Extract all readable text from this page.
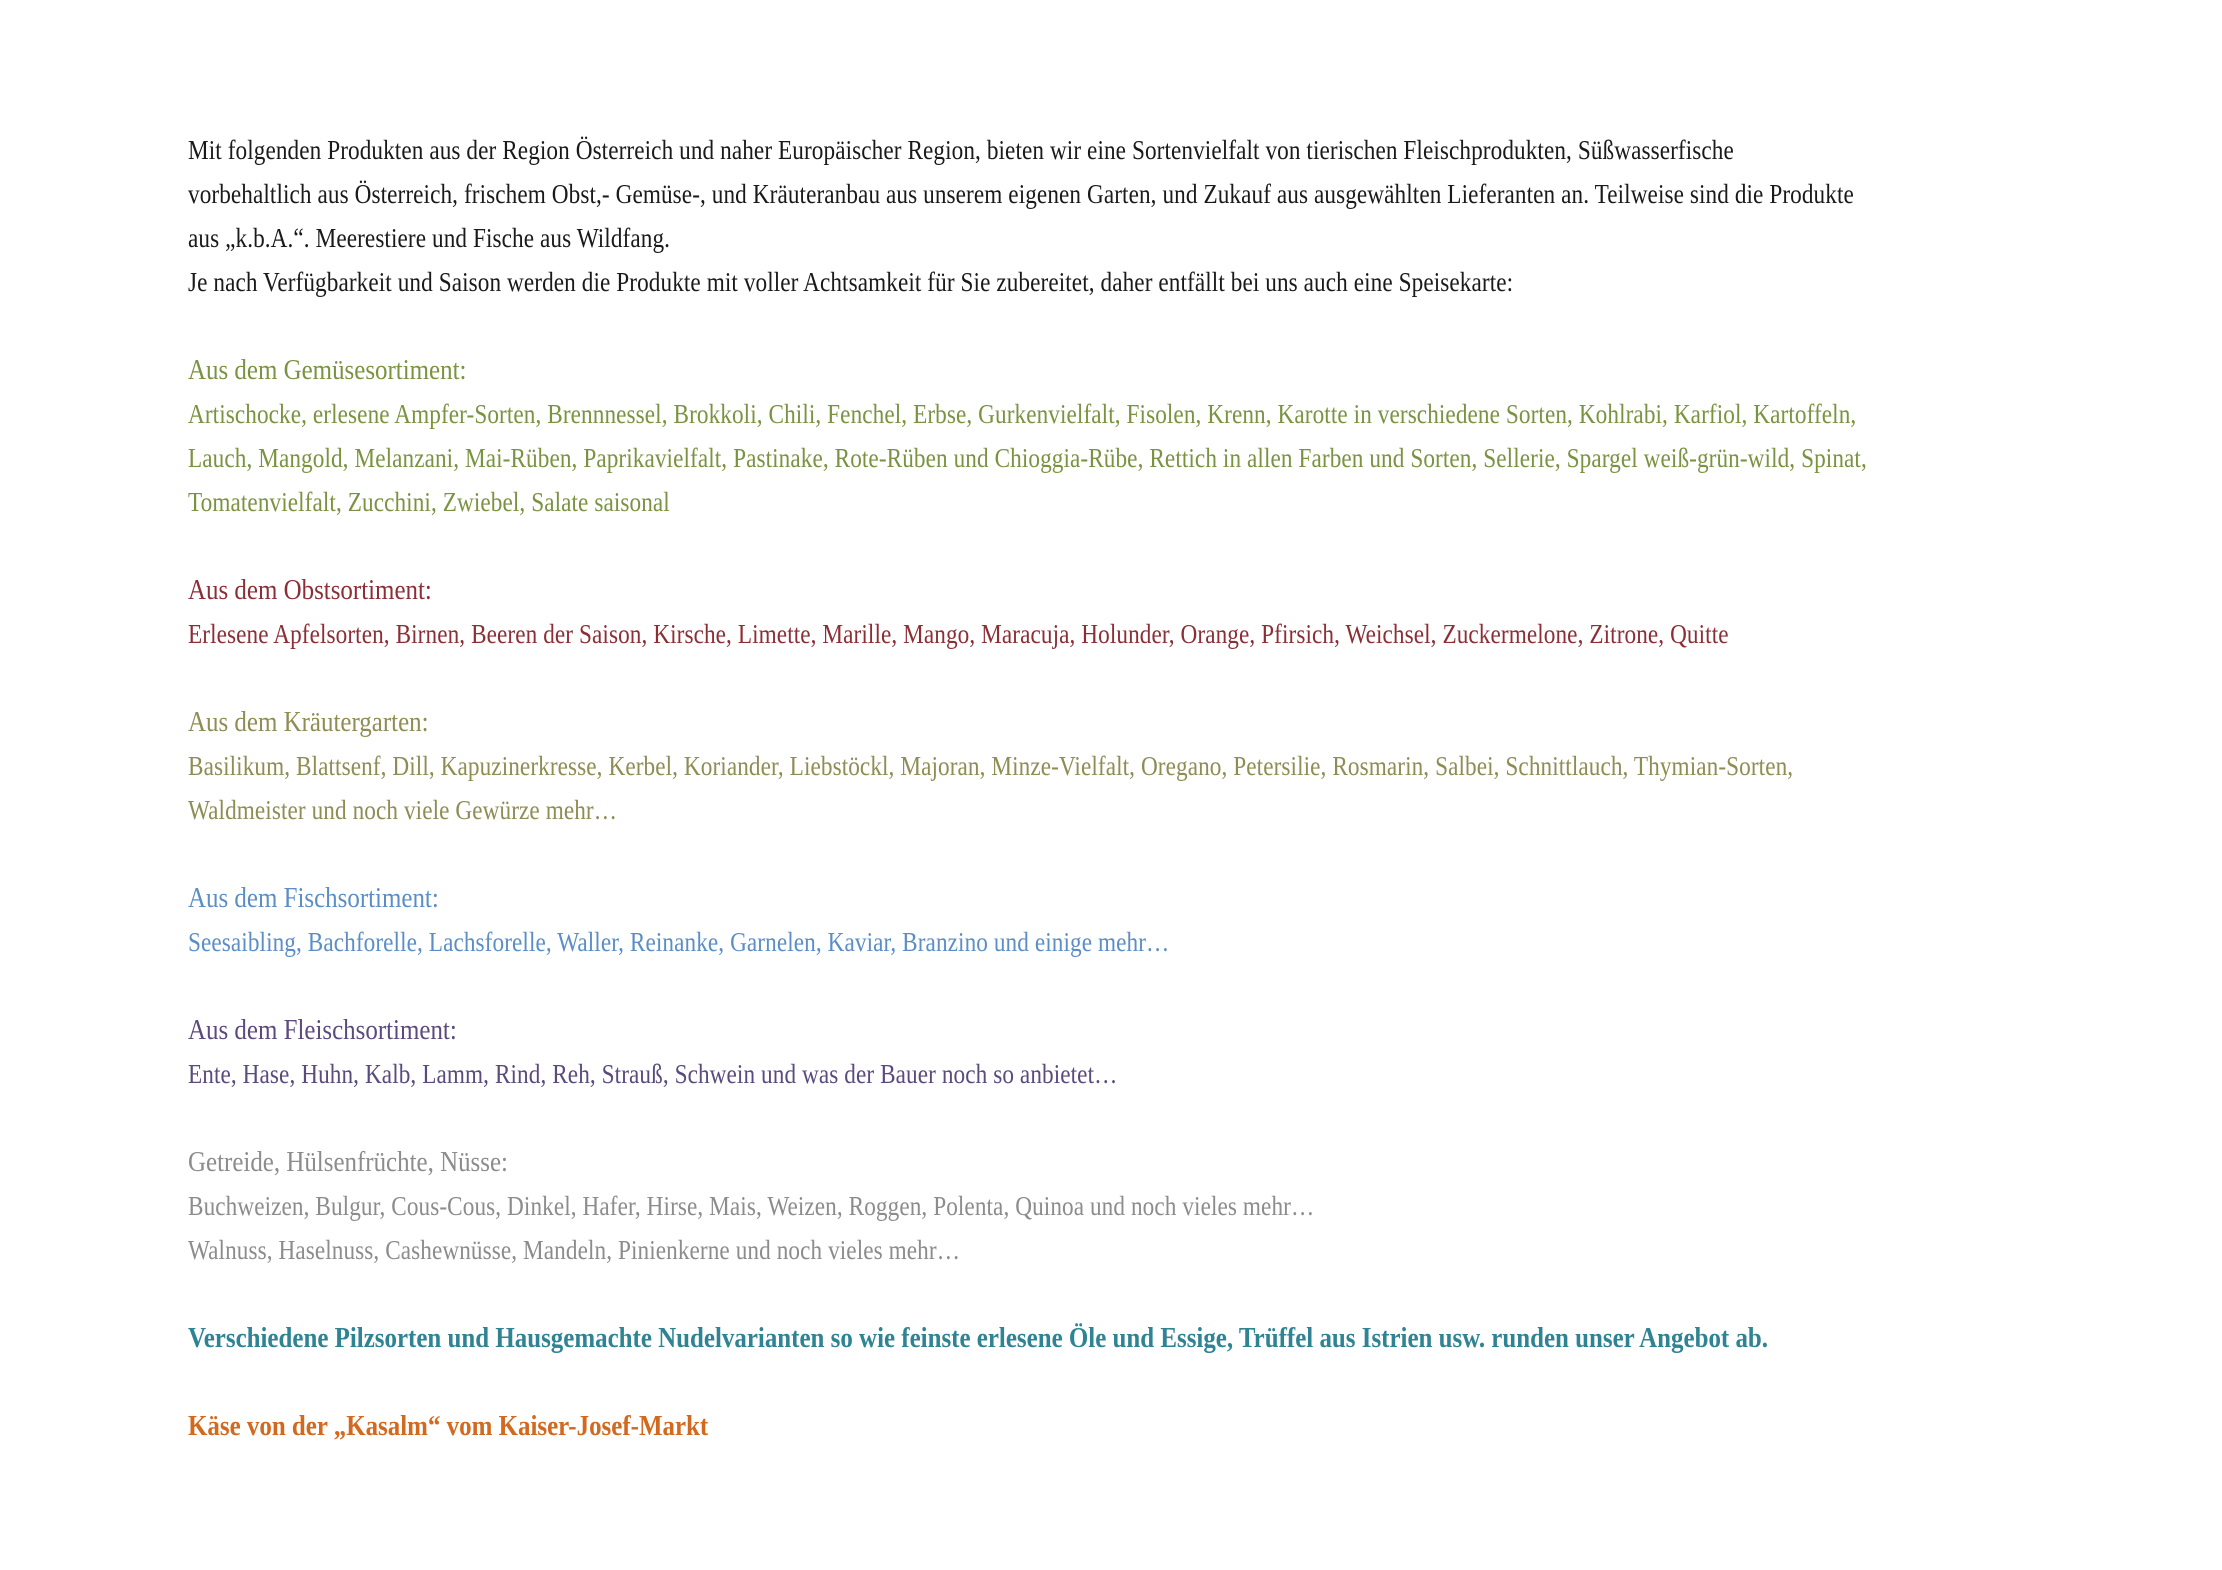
Mit folgenden Produkten aus der Region Österreich und naher Europäischer Region, bieten wir eine Sortenvielfalt von tierischen Fleischprodukten, Süßwasserfische
vorbehaltlich aus Österreich, frischem Obst,- Gemüse-, und Kräuteranbau aus unserem eigenen Garten, und Zukauf aus ausgewählten Lieferanten an. Teilweise sind die Produkte
aus „k.b.A.“. Meerestiere und Fische aus Wildfang.
Je nach Verfügbarkeit und Saison werden die Produkte mit voller Achtsamkeit für Sie zubereitet, daher entfällt bei uns auch eine Speisekarte:
Aus dem Gemüsesortiment:
Artischocke, erlesene Ampfer-Sorten, Brennnessel, Brokkoli, Chili, Fenchel, Erbse, Gurkenvielfalt, Fisolen, Krenn, Karotte in verschiedene Sorten, Kohlrabi, Karfiol, Kartoffeln,
Lauch, Mangold, Melanzani, Mai-Rüben, Paprikavielfalt, Pastinake, Rote-Rüben und Chioggia-Rübe, Rettich in allen Farben und Sorten, Sellerie, Spargel weiß-grün-wild, Spinat,
Tomatenvielfalt, Zucchini, Zwiebel, Salate saisonal
Aus dem Obstsortiment:
Erlesene Apfelsorten, Birnen, Beeren der Saison, Kirsche, Limette, Marille, Mango, Maracuja, Holunder, Orange, Pfirsich, Weichsel, Zuckermelone, Zitrone, Quitte
Aus dem Kräutergarten:
Basilikum, Blattsenf, Dill, Kapuzinerkresse, Kerbel, Koriander, Liebstöckl, Majoran, Minze-Vielfalt, Oregano, Petersilie, Rosmarin, Salbei, Schnittlauch, Thymian-Sorten,
Waldmeister und noch viele Gewürze mehr…
Aus dem Fischsortiment:
Seesaibling, Bachforelle, Lachsforelle, Waller, Reinanke, Garnelen, Kaviar, Branzino und einige mehr…
Aus dem Fleischsortiment:
Ente, Hase, Huhn, Kalb, Lamm, Rind, Reh, Strauß, Schwein und was der Bauer noch so anbietet…
Getreide, Hülsenfrüchte, Nüsse:
Buchweizen, Bulgur, Cous-Cous, Dinkel, Hafer, Hirse, Mais, Weizen, Roggen, Polenta, Quinoa und noch vieles mehr…
Walnuss, Haselnuss, Cashewnüsse, Mandeln, Pinienkerne und noch vieles mehr…
Verschiedene Pilzsorten und Hausgemachte Nudelvarianten so wie feinste erlesene Öle und Essige, Trüffel aus Istrien usw. runden unser Angebot ab.
Käse von der „Kasalm“ vom Kaiser-Josef-Markt
